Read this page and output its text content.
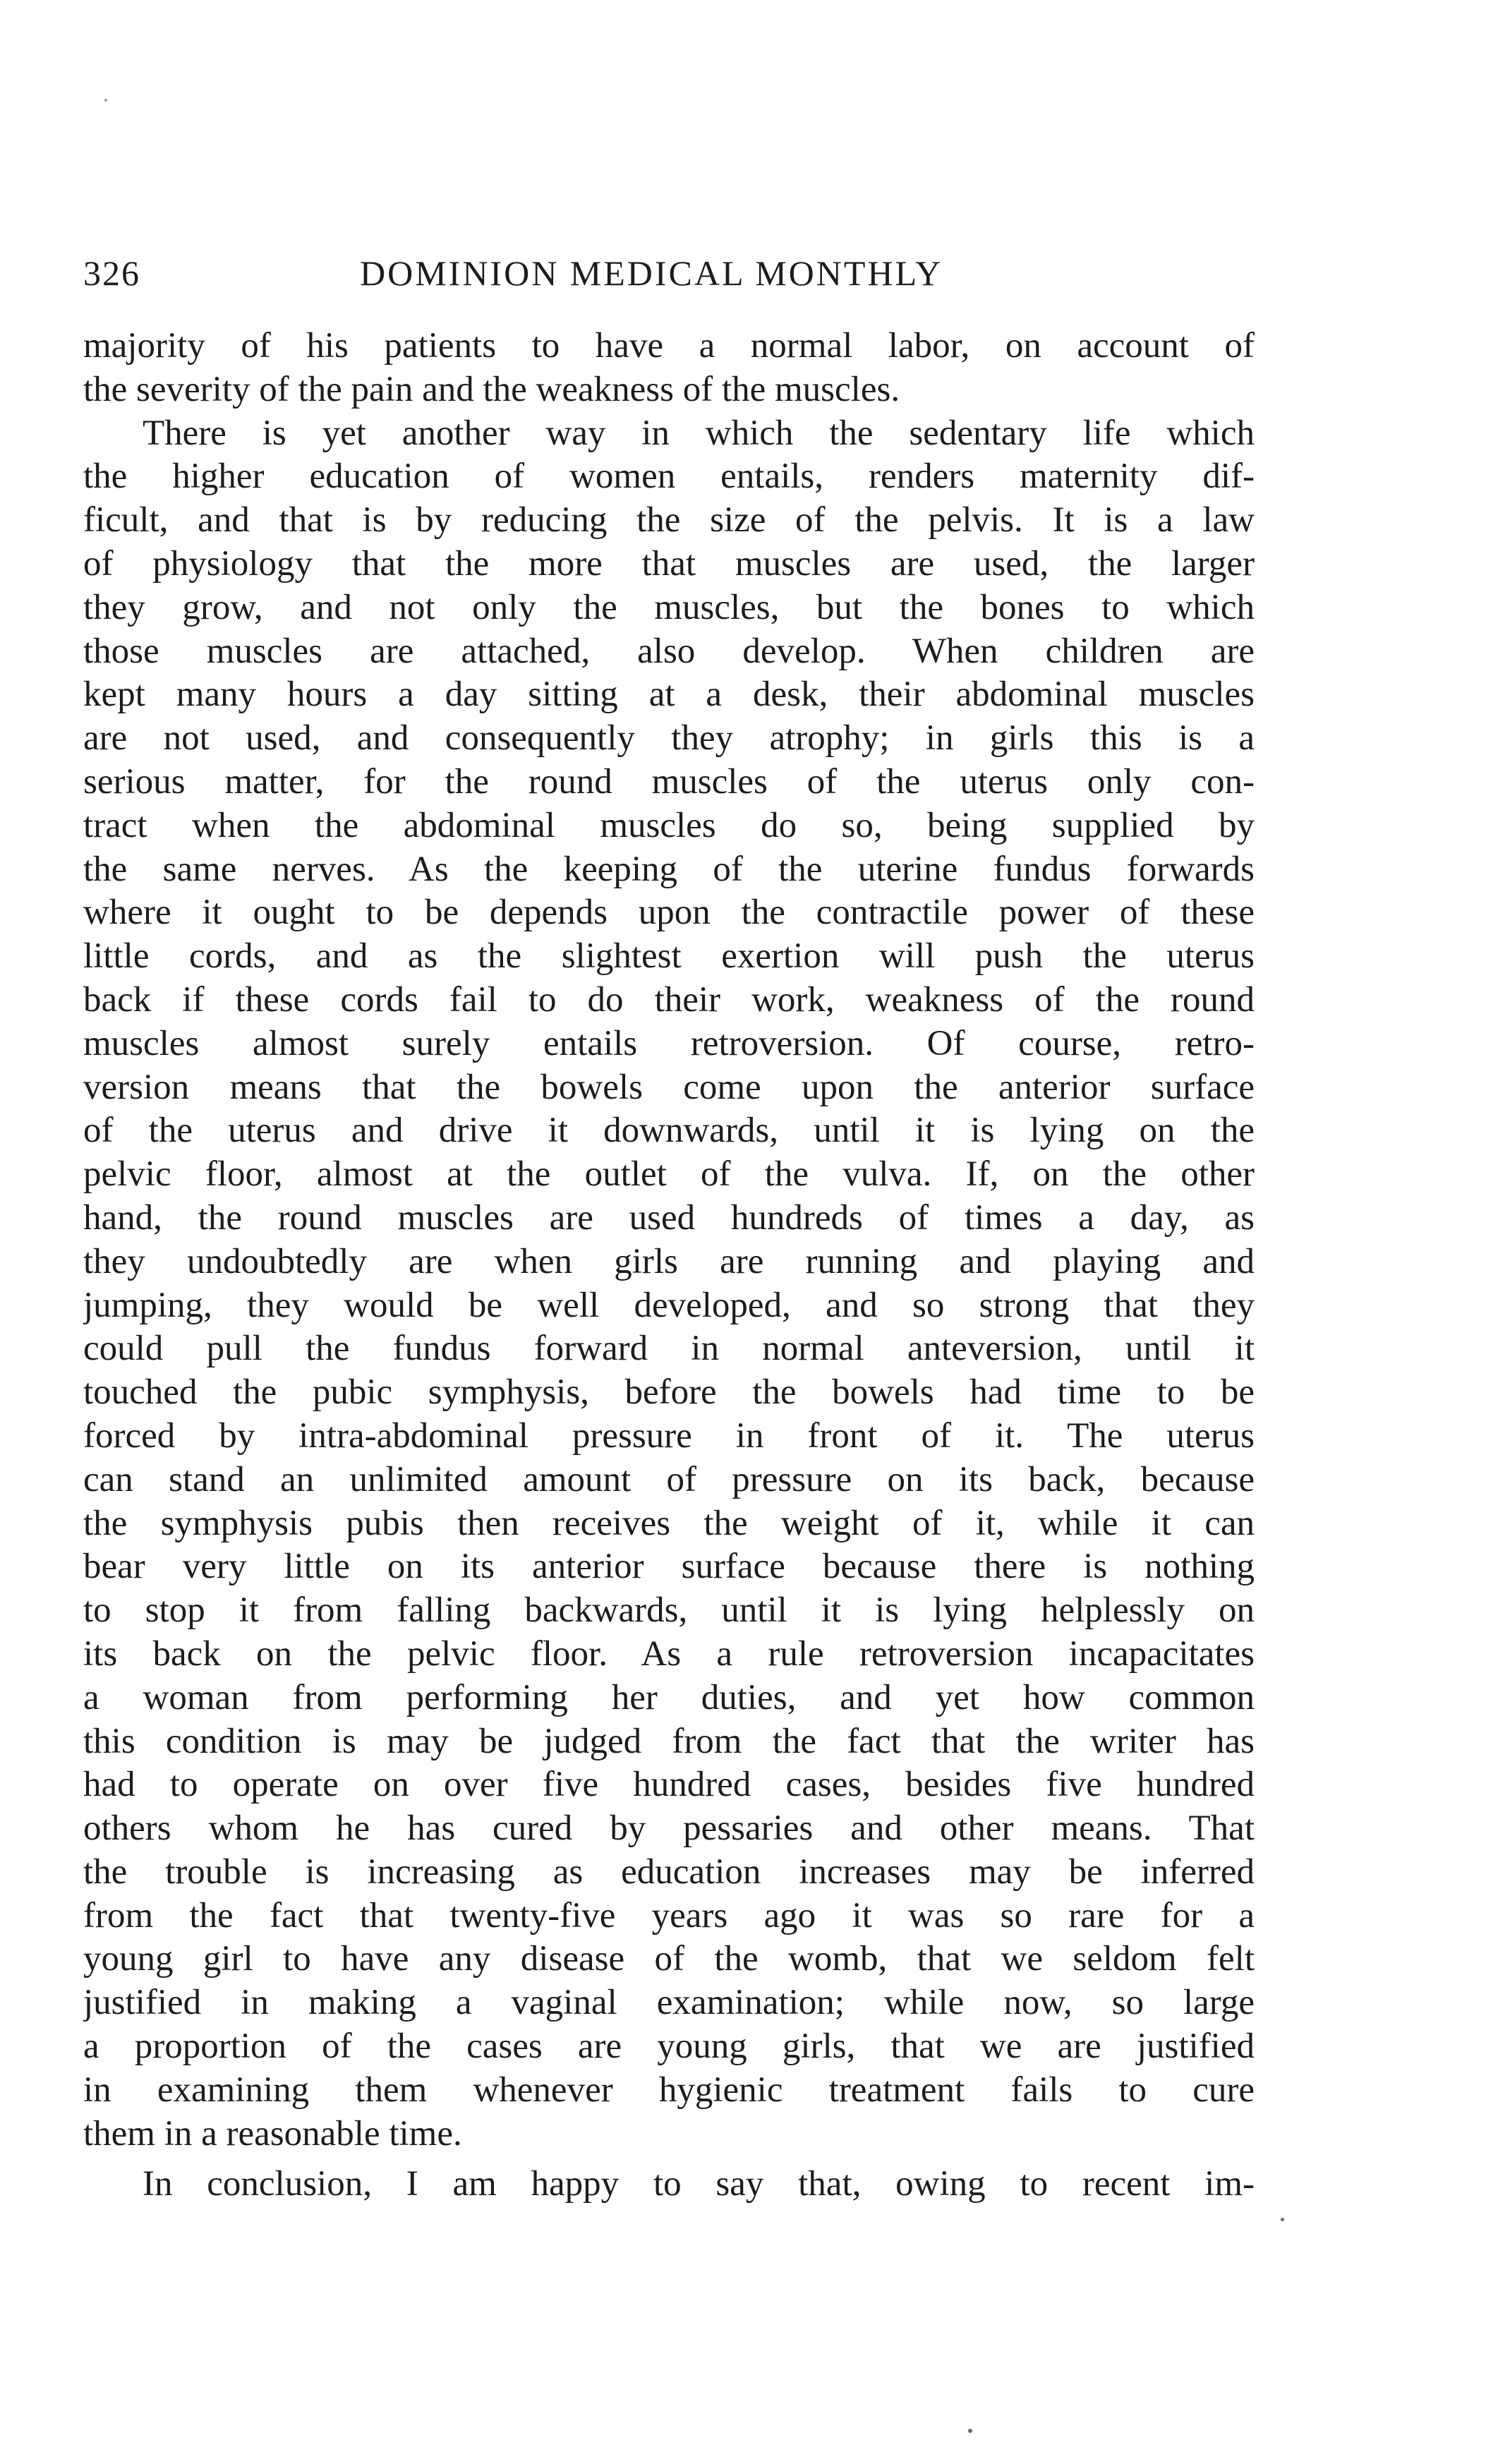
326	DOMINION MEDICAL MONTHLY
majority of his patients to have a normal labor, on account of
the severity of the pain and the weakness of the muscles.
There is yet another way in which the sedentary life which
the higher education of women entails, renders maternity dif-
ficult, and that is by reducing the size of the pelvis. It is a law
of physiology that the more that muscles are used, the larger
they grow, and not only the muscles, but the bones to which
those muscles are attached, also develop. When children are
kept many hours a day sitting at a desk, their abdominal muscles
are not used, and consequently they atrophy; in girls this is a
serious matter, for the round muscles of the uterus only con-
tract when the abdominal muscles do so, being supplied by
the same nerves. As the keeping of the uterine fundus forwards
where it ought to be depends upon the contractile power of these
little cords, and as the slightest exertion will push the uterus
back if these cords fail to do their work, weakness of the round
muscles almost surely entails retroversion. Of course, retro-
version means that the bowels come upon the anterior surface
of the uterus and drive it downwards, until it is lying on the
pelvic floor, almost at the outlet of the vulva. If, on the other
hand, the round muscles are used hundreds of times a day, as
they undoubtedly are when girls are running and playing and
jumping, they would be well developed, and so strong that they
could pull the fundus forward in normal anteversion, until it
touched the pubic symphysis, before the bowels had time to be
forced by intra-abdominal pressure in front of it. The uterus
can stand an unlimited amount of pressure on its back, because
the symphysis pubis then receives the weight of it, while it can
bear very little on its anterior surface because there is nothing
to stop it from falling backwards, until it is lying helplessly on
its back on the pelvic floor. As a rule retroversion incapacitates
a woman from performing her duties, and yet how common
this condition is may be judged from the fact that the writer has
had to operate on over five hundred cases, besides five hundred
others whom he has cured by pessaries and other means. That
the trouble is increasing as education increases may be inferred
from the fact that twenty-five years ago it was so rare for a
young girl to have any disease of the womb, that we seldom felt
justified in making a vaginal examination; while now, so large
a proportion of the cases are young girls, that we are justified
in examining them whenever hygienic treatment fails to cure
them in a reasonable time.
In conclusion, I am happy to say that, owing to recent im-
